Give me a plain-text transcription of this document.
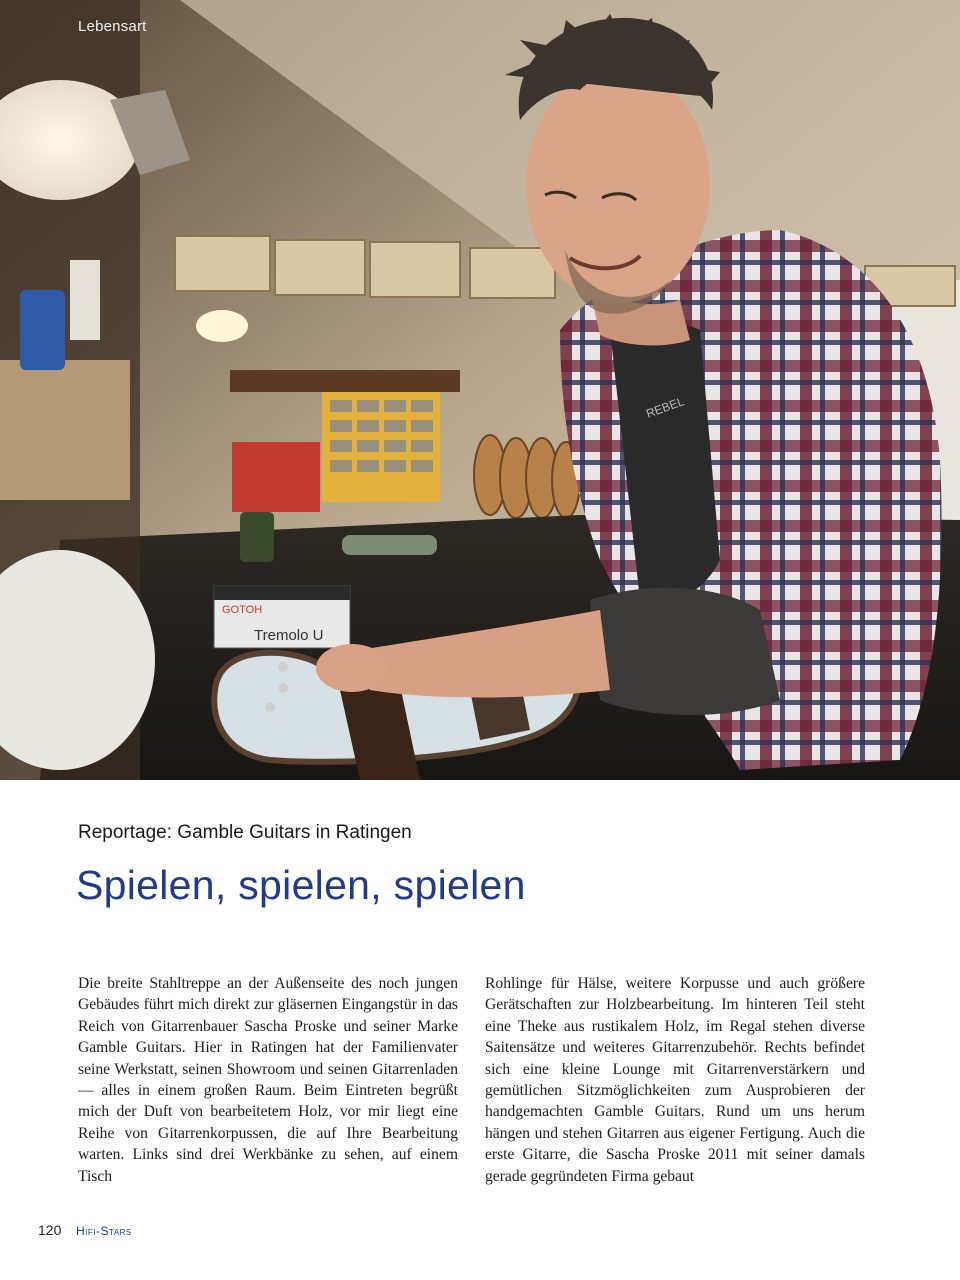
GOTOH
Tremolo U
REBEL

Lebensart

Reportage: Gamble Guitars in Ratingen

Spielen, spielen, spielen

Die breite Stahltreppe an der Außenseite des noch jungen Gebäudes führt mich direkt zur gläsernen Eingangstür in das Reich von Gitarrenbauer Sascha Proske und seiner Marke Gamble Guitars. Hier in Ratingen hat der Familienvater seine Werkstatt, seinen Showroom und seinen Gitarrenladen — alles in einem großen Raum. Beim Eintreten begrüßt mich der Duft von bearbeitetem Holz, vor mir liegt eine Reihe von Gitarrenkorpussen, die auf Ihre Bearbeitung warten. Links sind drei Werkbänke zu sehen, auf einem Tisch

Rohlinge für Hälse, weitere Korpusse und auch größere Gerätschaften zur Holzbearbeitung. Im hinteren Teil steht eine Theke aus rustikalem Holz, im Regal stehen diverse Saitensätze und weiteres Gitarrenzubehör. Rechts befindet sich eine kleine Lounge mit Gitarrenverstärkern und gemütlichen Sitzmöglichkeiten zum Ausprobieren der handgemachten Gamble Guitars. Rund um uns herum hängen und stehen Gitarren aus eigener Fertigung. Auch die erste Gitarre, die Sascha Proske 2011 mit seiner damals gerade gegründeten Firma gebaut

120 Hifi-Stars
